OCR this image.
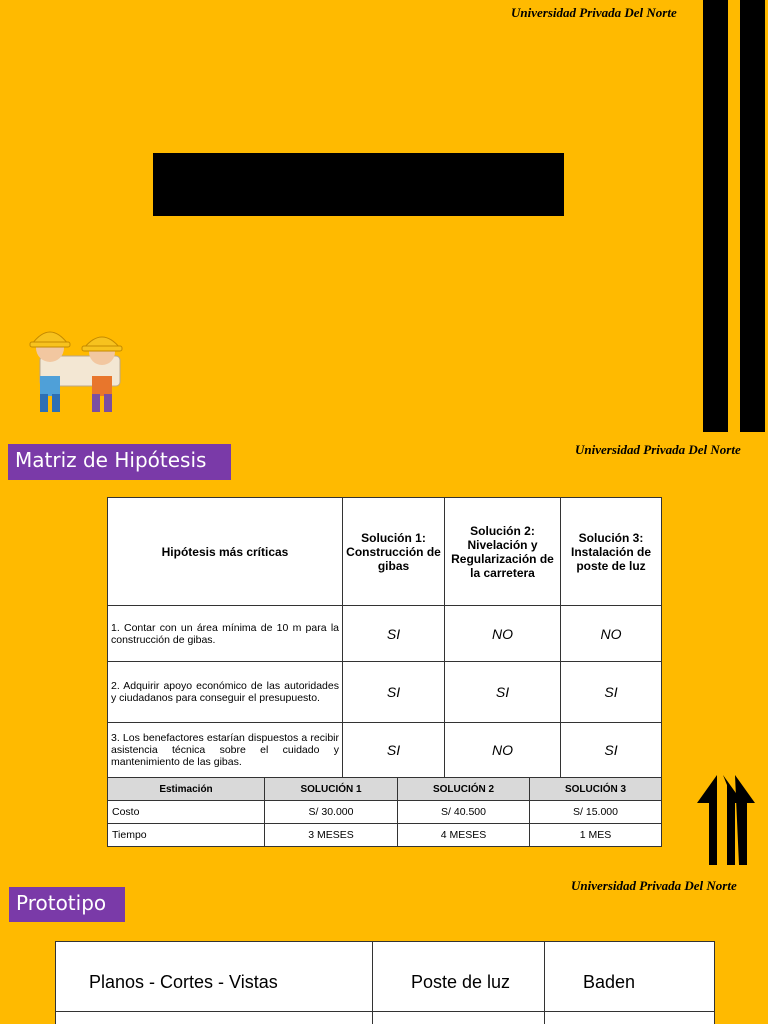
Universidad Privada Del Norte
Matriz de Hipótesis	Universidad Privada Del Norte
Hipótesis más críticas	Solución 1: Construcción de gibas	Solución 2: Nivelación y Regularización de la carretera	Solución 3: Instalación de poste de luz
1. Contar con un área mínima de 10 m para la construcción de gibas.	SI	NO	NO
2. Adquirir apoyo económico de las autoridades y ciudadanos para conseguir el presupuesto.	SI	SI	SI
3. Los benefactores estarían dispuestos a recibir asistencia técnica sobre el cuidado y mantenimiento de las gibas.	SI	NO	SI
Estimación	SOLUCIÓN 1	SOLUCIÓN 2	SOLUCIÓN 3
Costo	S/ 30.000	S/ 40.500	S/ 15.000
Tiempo	3 MESES	4 MESES	1 MES
Prototipo
Universidad Privada Del Norte
Planos - Cortes - Vistas	Poste de luz	Baden
